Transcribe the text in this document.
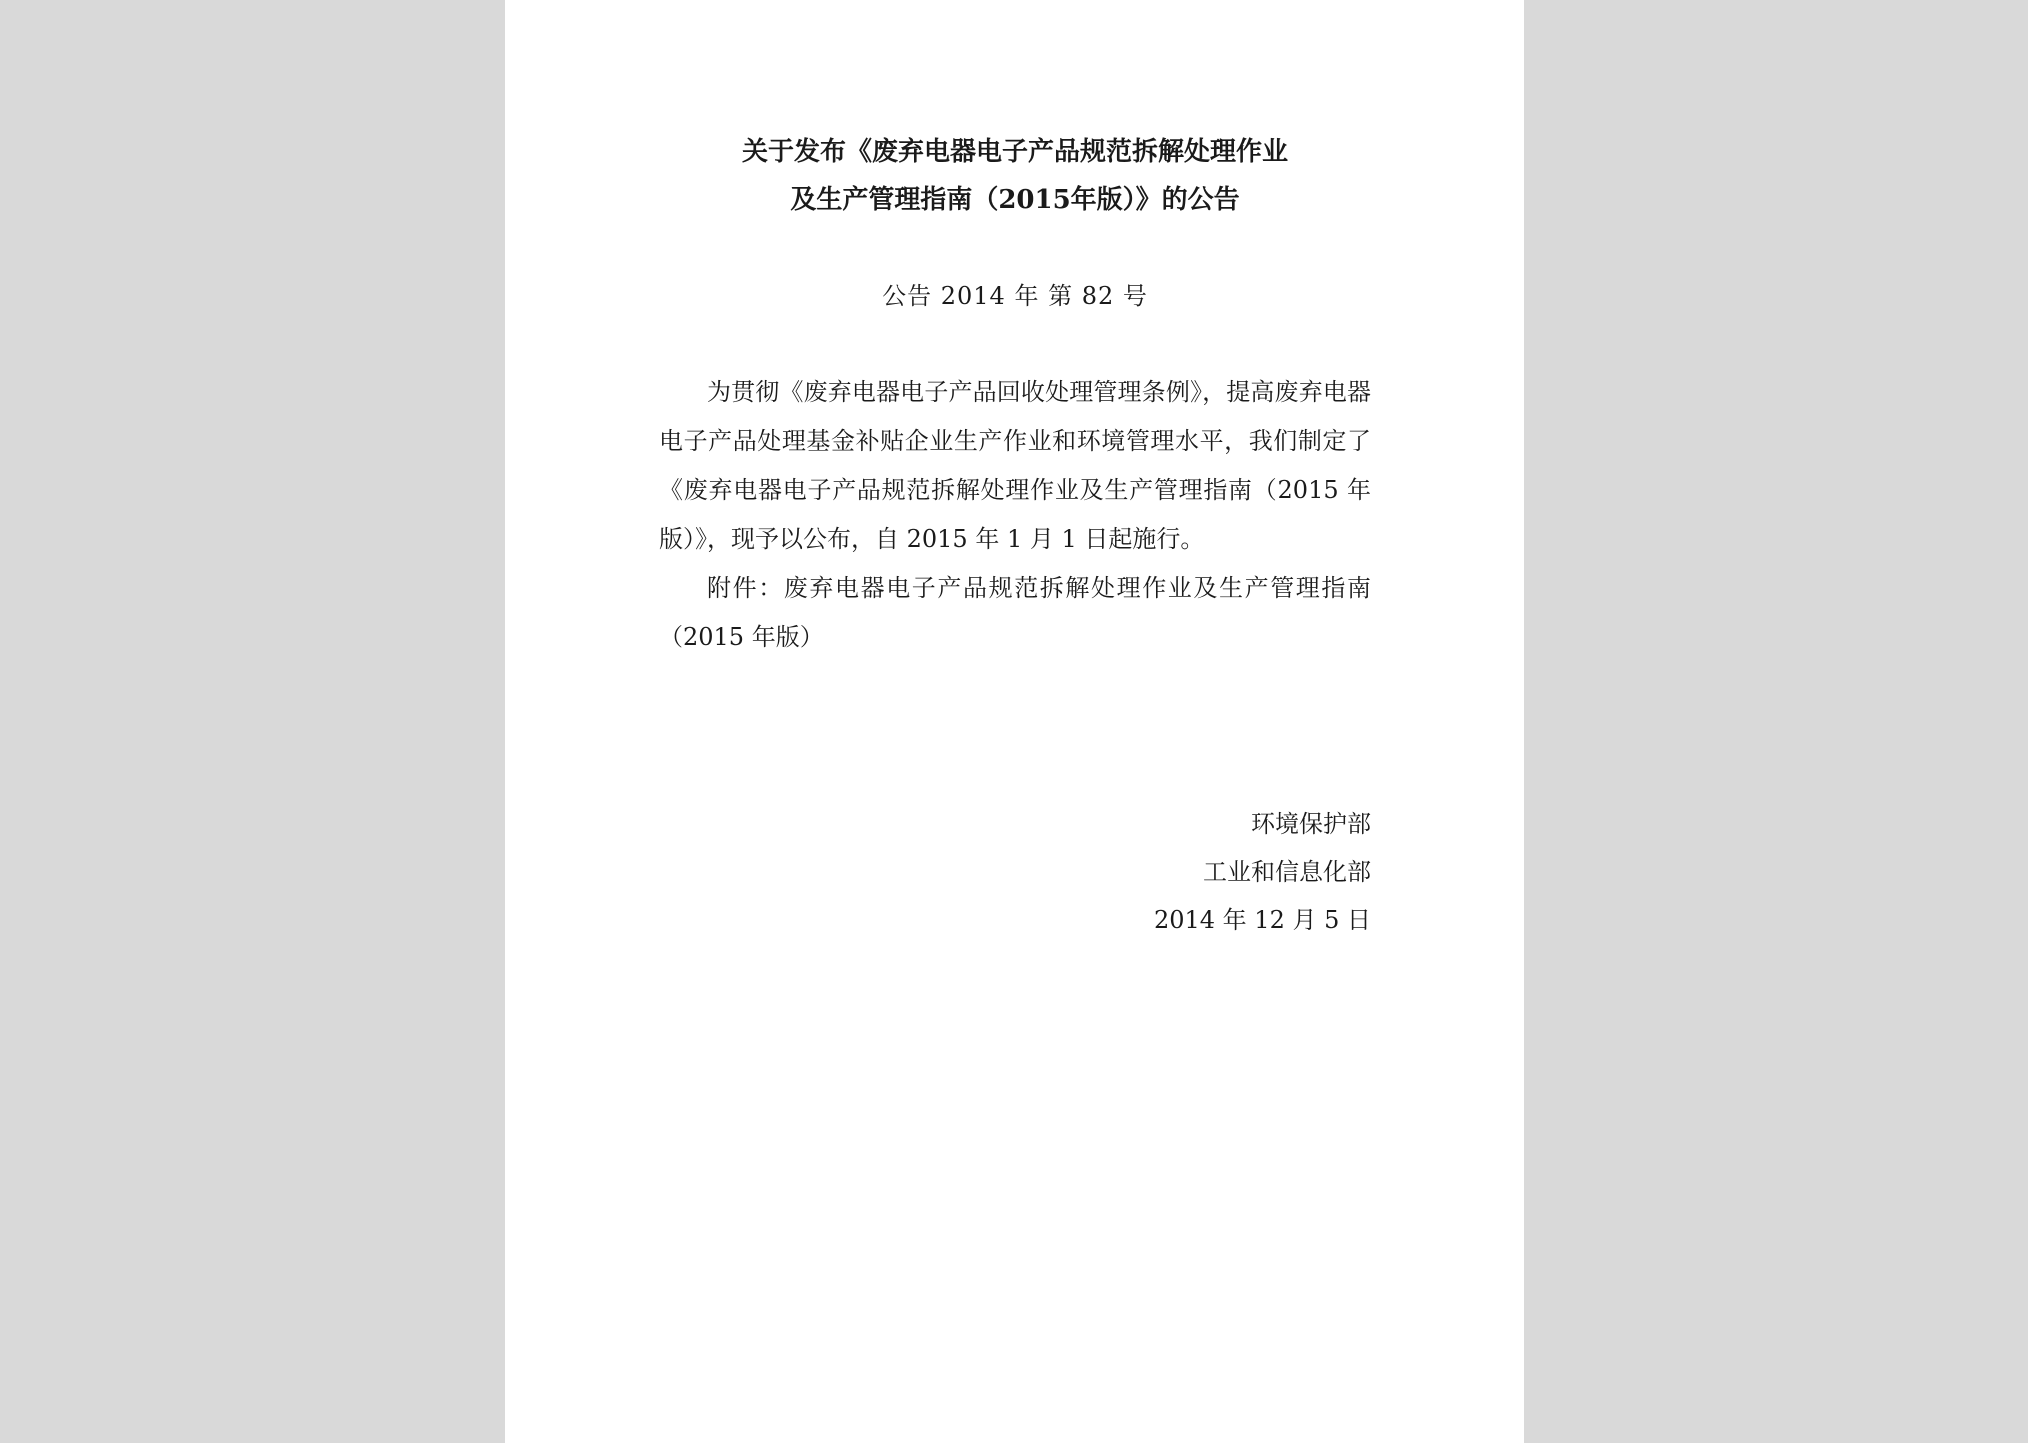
关于发布《废弃电器电子产品规范拆解处理作业
及生产管理指南（2015年版）》的公告
公告 2014 年 第 82 号

为贯彻《废弃电器电子产品回收处理管理条例》，提高废弃电器电子产品处理基金补贴企业生产作业和环境管理水平，我们制定了《废弃电器电子产品规范拆解处理作业及生产管理指南（2015 年版）》，现予以公布，自 2015 年 1 月 1 日起施行。

附件：废弃电器电子产品规范拆解处理作业及生产管理指南（2015 年版）

环境保护部
工业和信息化部
2014 年 12 月 5 日
